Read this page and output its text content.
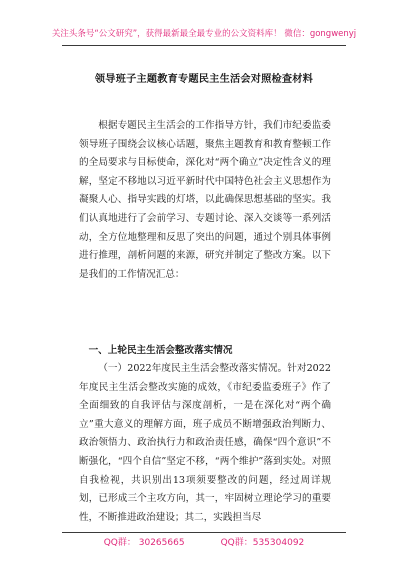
关注头条号“公文研究”，获得最新最全最专业的公文资料库！ 微信：gongwenyj
领导班子主题教育专题民主生活会对照检查材料

根据专题民主生活会的工作指导方针，我们市纪委监委领导班子围绕会议核心话题，聚焦主题教育和教育整顿工作的全局要求与目标使命，深化对“两个确立”决定性含义的理解，坚定不移地以习近平新时代中国特色社会主义思想作为凝聚人心、指导实践的灯塔，以此确保思想基础的坚实。我们认真地进行了会前学习、专题讨论、深入交谈等一系列活动，全方位地整理和反思了突出的问题，通过个别具体事例进行推理，剖析问题的来源，研究并制定了整改方案。以下是我们的工作情况汇总：

一、上轮民主生活会整改落实情况

（一）2022年度民主生活会整改落实情况。针对2022年度民主生活会整改实施的成效，《市纪委监委班子》作了全面细致的自我评估与深度剖析，一是在深化对“两个确立”重大意义的理解方面，班子成员不断增强政治判断力、政治领悟力、政治执行力和政治责任感，确保“四个意识”不断强化，“四个自信”坚定不移，“两个维护”落到实处。对照自我检视，共识别出13项须要整改的问题，经过周详规划，已形成三个主攻方向，其一，牢固树立理论学习的重要性，不断推进政治建设；其二，实践担当尽

QQ群： 30265665	QQ群：535304092
